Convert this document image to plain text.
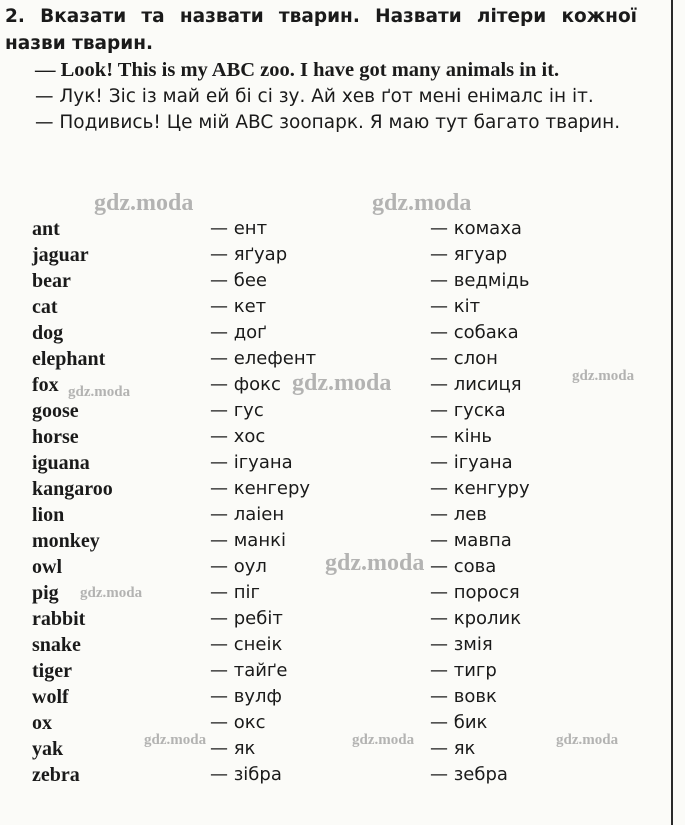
2. Вказати та назвати тварин. Назвати літери кожної назви тварин.

— Look! This is my ABC zoo. I have got many animals in it.

— Лук! Зіс із май ей бі сі зу. Ай хев ґот мені енімалс ін іт.

— Подивись! Це мій ABC зоопарк. Я маю тут багато тварин.

ant	— ент	— комаха
jaguar	— яґуар	— ягуар
bear	— бее	— ведмідь
cat	— кет	— кіт
dog	— доґ	— собака
elephant	— елефент	— слон
fox	— фокс	— лисиця
goose	— гус	— гуска
horse	— хос	— кінь
iguana	— ігуана	— ігуана
kangaroo	— кенгеру	— кенгуру
lion	— лаіен	— лев
monkey	— манкі	— мавпа
owl	— оул	— сова
pig	— піг	— порося
rabbit	— ребіт	— кролик
snake	— снеік	— змія
tiger	— тайґе	— тигр
wolf	— вулф	— вовк
ox	— окс	— бик
yak	— як	— як
zebra	— зібра	— зебра
gdz.moda	gdz.moda
gdz.moda	gdz.moda	gdz.moda
gdz.moda
gdz.moda
gdz.moda	gdz.moda	gdz.moda
